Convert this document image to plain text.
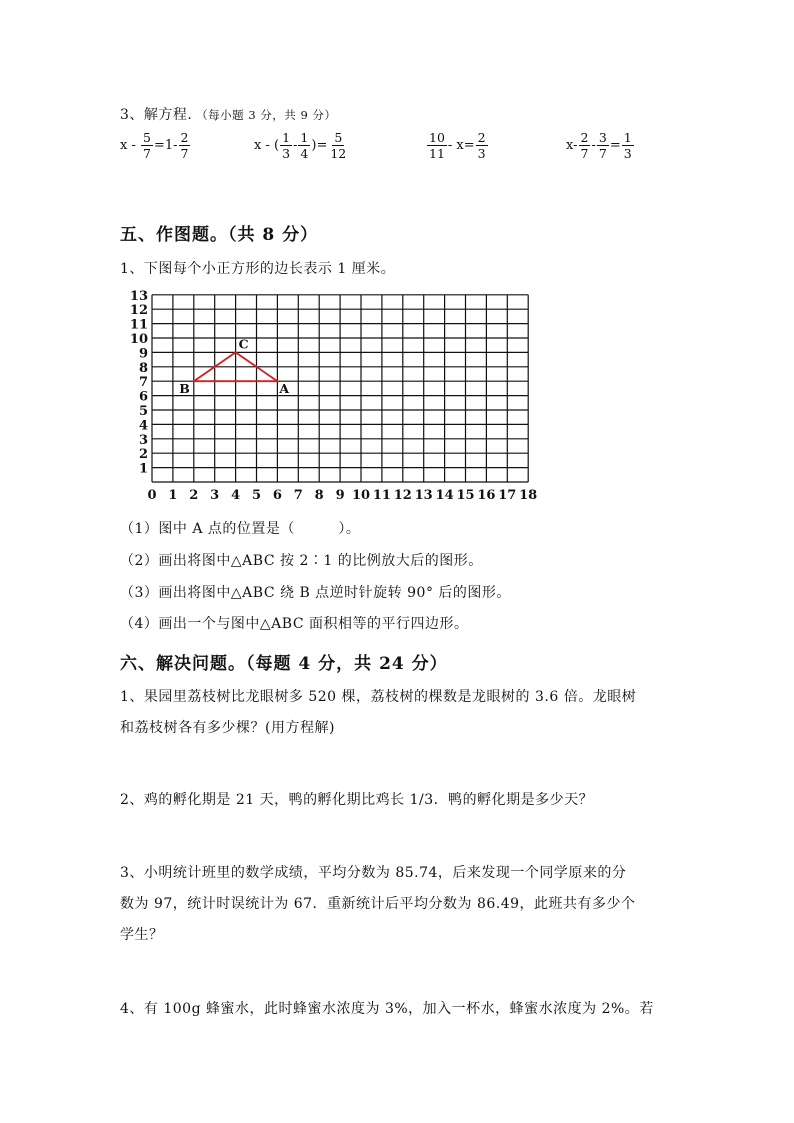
3、解方程．（每小题 3 分，共 9 分）
$x - \frac{5}{7} =1- \frac{2}{7}$	x - ( $\frac{1}{3} - \frac{1}{4}$ )= $\frac{5}{12}$	$\frac{10}{11} - x= \frac{2}{3}$	$x- \frac{2}{7} - \frac{3}{7} = \frac{1}{3}$
五、作图题。（共 8 分）
1、下图每个小正方形的边长表示 1 厘米。
0 1 2 3 4 5 6 7 8 9 10 11 12 13 14 15 16 17 18
1
2
3
4
5
6
7
8
9
10
11
12
13
A
B
C
（1）图中 A 点的位置是（　　　）。
（2）画出将图中△ABC 按 2∶1 的比例放大后的图形。
（3）画出将图中△ABC 绕 B 点逆时针旋转 90° 后的图形。
（4）画出一个与图中△ABC 面积相等的平行四边形。
六、解决问题。（每题 4 分，共 24 分）
1、果园里荔枝树比龙眼树多 520 棵，荔枝树的棵数是龙眼树的 3.6 倍。龙眼树
和荔枝树各有多少棵？(用方程解)
2、鸡的孵化期是 21 天，鸭的孵化期比鸡长 1/3．鸭的孵化期是多少天？
3、小明统计班里的数学成绩，平均分数为 85.74，后来发现一个同学原来的分
数为 97，统计时误统计为 67．重新统计后平均分数为 86.49，此班共有多少个
学生？
4、有 100g 蜂蜜水，此时蜂蜜水浓度为 3%，加入一杯水，蜂蜜水浓度为 2%。若
